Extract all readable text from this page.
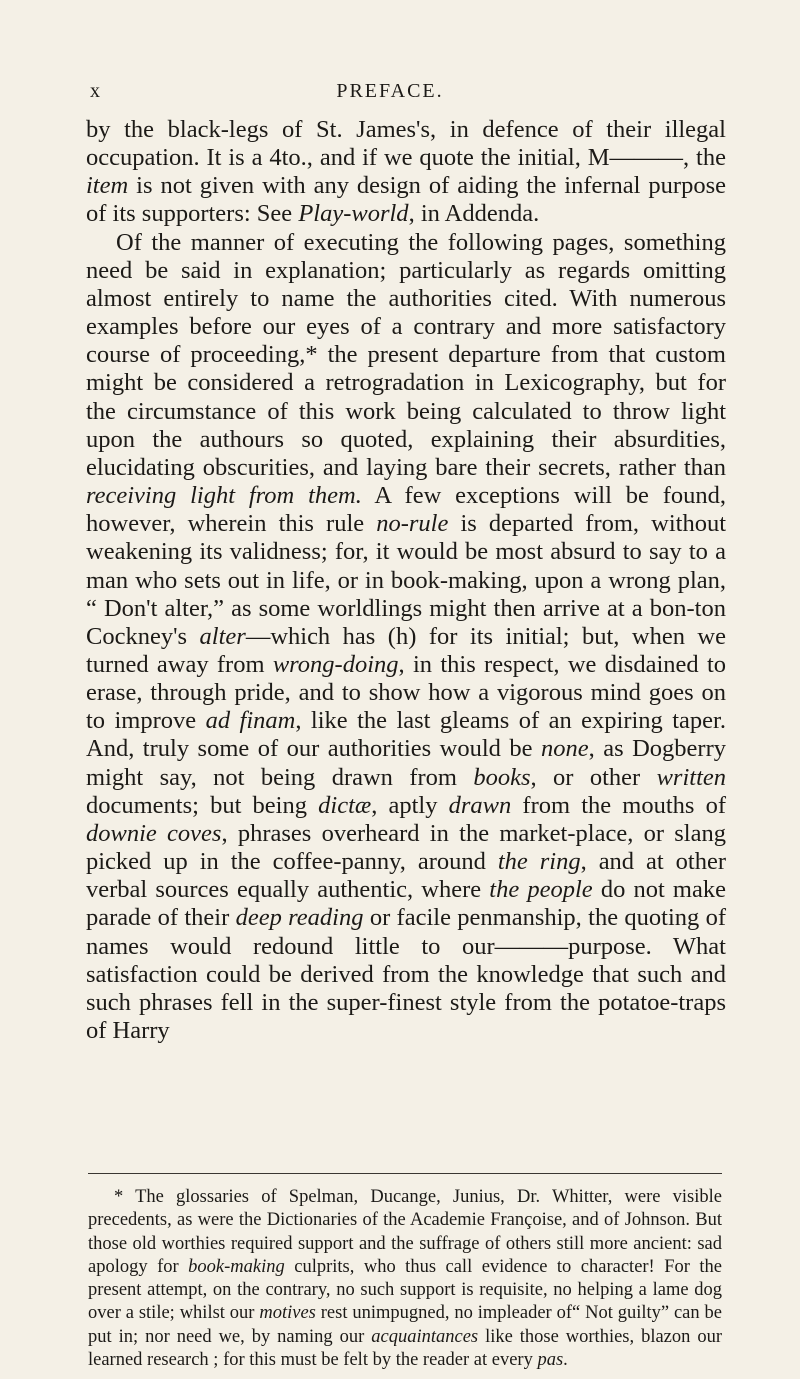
x	PREFACE.

by the black-legs of St. James's, in defence of their illegal occupation. It is a 4to., and if we quote the initial, M———, the item is not given with any design of aiding the infernal purpose of its supporters: See Play-world, in Addenda.

Of the manner of executing the following pages, something need be said in explanation; particularly as regards omitting almost entirely to name the authorities cited. With numerous examples before our eyes of a contrary and more satisfactory course of proceeding,* the present departure from that custom might be considered a retrogradation in Lexicography, but for the circumstance of this work being calculated to throw light upon the authours so quoted, explaining their absurdities, elucidating obscurities, and laying bare their secrets, rather than receiving light from them. A few exceptions will be found, however, wherein this rule no-rule is departed from, without weakening its validness; for, it would be most absurd to say to a man who sets out in life, or in book-making, upon a wrong plan, “ Don't alter,” as some worldlings might then arrive at a bon-ton Cockney's alter—which has (h) for its initial; but, when we turned away from wrong-doing, in this respect, we disdained to erase, through pride, and to show how a vigorous mind goes on to improve ad finam, like the last gleams of an expiring taper. And, truly some of our authorities would be none, as Dogberry might say, not being drawn from books, or other written documents; but being dictæ, aptly drawn from the mouths of downie coves, phrases overheard in the market-place, or slang picked up in the coffee-panny, around the ring, and at other verbal sources equally authentic, where the people do not make parade of their deep reading or facile penmanship, the quoting of names would redound little to our———purpose. What satisfaction could be derived from the knowledge that such and such phrases fell in the super-finest style from the potatoe-traps of Harry

* The glossaries of Spelman, Ducange, Junius, Dr. Whitter, were visible precedents, as were the Dictionaries of the Academie Françoise, and of Johnson. But those old worthies required support and the suffrage of others still more ancient: sad apology for book-making culprits, who thus call evidence to character! For the present attempt, on the contrary, no such support is requisite, no helping a lame dog over a stile; whilst our motives rest unimpugned, no impleader of“ Not guilty” can be put in; nor need we, by naming our acquaintances like those worthies, blazon our learned research ; for this must be felt by the reader at every pas.
